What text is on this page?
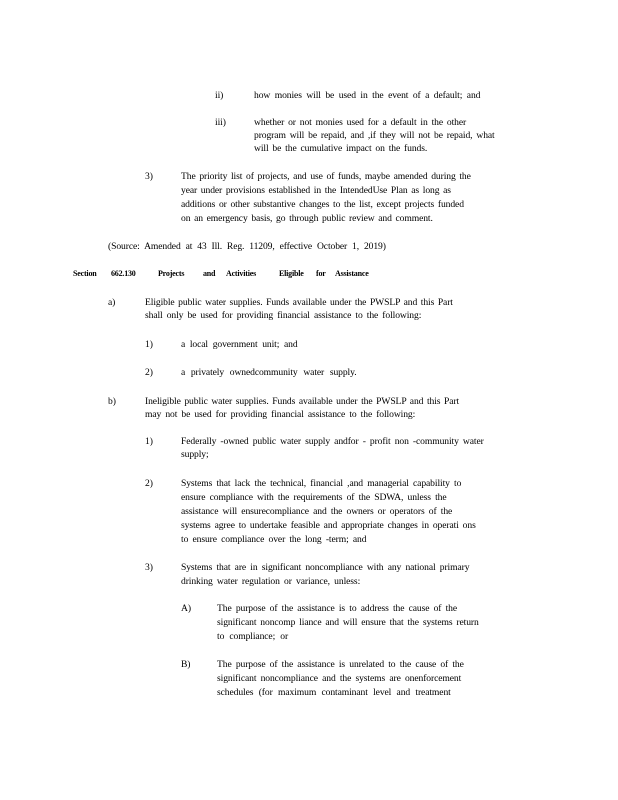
ii)	how monies will be used in the event of a default; and
iii)	whether or not monies used for a default in the other
program will be repaid, and ,if they will not be repaid, what
will be the cumulative impact on the funds.
3)	The priority list of projects, and use of funds, maybe amended during the
year under provisions established in the IntendedUse Plan as long as
additions or other substantive changes to the list, except projects funded
on an emergency basis, go through public review and comment.
(Source: Amended at 43 Ill. Reg. 11209, effective October 1, 2019)
Section 662.130	Projects and Activities	Eligible for Assistance
a)	Eligible public water supplies. Funds available under the PWSLP and this Part
shall only be used for providing financial assistance to the following:
1)	a local government unit; and
2)	a privately ownedcommunity water supply.
b)	Ineligible public water supplies. Funds available under the PWSLP and this Part
may not be used for providing financial assistance to the following:
1)	Federally -owned public water supply andfor - profit non -community water
supply;
2)	Systems that lack the technical, financial ,and managerial capability to
ensure compliance with the requirements of the SDWA, unless the
assistance will ensurecompliance and the owners or operators of the
systems agree to undertake feasible and appropriate changes in operati ons
to ensure compliance over the long -term; and
3)	Systems that are in significant noncompliance with any national primary
drinking water regulation or variance, unless:
A)	The purpose of the assistance is to address the cause of the
significant noncomp liance and will ensure that the systems return
to compliance; or
B)	The purpose of the assistance is unrelated to the cause of the
significant noncompliance and the systems are onenforcement
schedules (for maximum contaminant level and treatment
